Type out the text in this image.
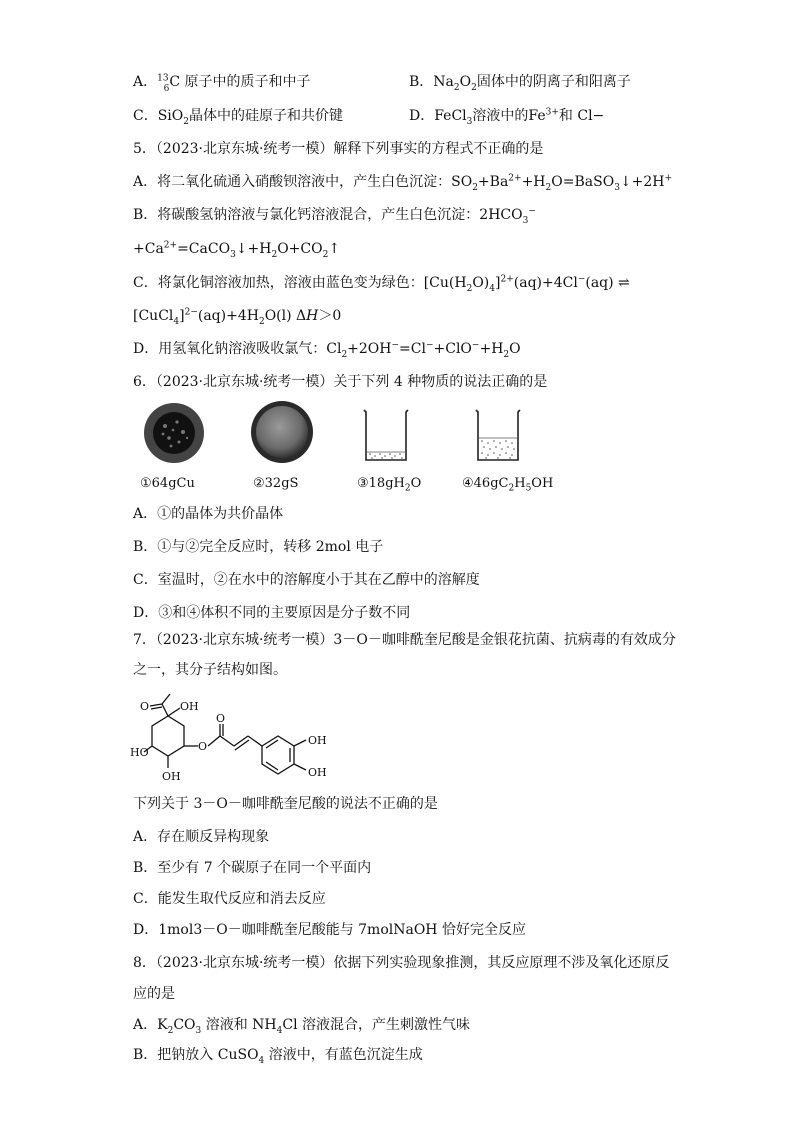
A．$^{13}_6$C 原子中的质子和中子	B．$Na_2O_2$固体中的阴离子和阳离子
C．SiO$_2$晶体中的硅原子和共价键	D．FeCl$_3$溶液中的$Fe^{3+}$和 Cl−
5．（2023·北京东城·统考一模）解释下列事实的方程式不正确的是
A．将二氧化硫通入硝酸钡溶液中，产生白色沉淀：$SO_2+Ba^{2+}+H_2O=BaSO_3↓+2H^+$
B．将碳酸氢钠溶液与氯化钙溶液混合，产生白色沉淀：$2HCO_3^-$
$+Ca^{2+}=CaCO_3↓+H_2O+CO_2↑$
C．将氯化铜溶液加热，溶液由蓝色变为绿色：$[Cu(H_2O)_4]^{2+}(aq)+4Cl^-(aq)$ ⇌
$[CuCl_4]^{2-}(aq)+4H_2O(l)$ ΔH＞0
D．用氢氧化钠溶液吸收氯气：$Cl_2+2OH^-=Cl^-+ClO^-+H_2O$
6．（2023·北京东城·统考一模）关于下列 4 种物质的说法正确的是
①64gCu	②32gS	$③18gH_2O$	$④46gC_2H_5OH$
A．①的晶体为共价晶体
B．①与②完全反应时，转移 2mol 电子
C．室温时，②在水中的溶解度小于其在乙醇中的溶解度
D．③和④体积不同的主要原因是分子数不同
7．（2023·北京东城·统考一模）3－O－咖啡酰奎尼酸是金银花抗菌、抗病毒的有效成分
之一，其分子结构如图。
O	OH
HO
OH
O
O
OH
OH
下列关于 3－O－咖啡酰奎尼酸的说法不正确的是
A．存在顺反异构现象
B．至少有 7 个碳原子在同一个平面内
C．能发生取代反应和消去反应
D．1mol3－O－咖啡酰奎尼酸能与 7molNaOH 恰好完全反应
8．（2023·北京东城·统考一模）依据下列实验现象推测，其反应原理不涉及氧化还原反
应的是
A．$K_2CO_3$ 溶液和 $NH_4Cl$ 溶液混合，产生刺激性气味
B．把钠放入 CuSO$_4$ 溶液中，有蓝色沉淀生成
